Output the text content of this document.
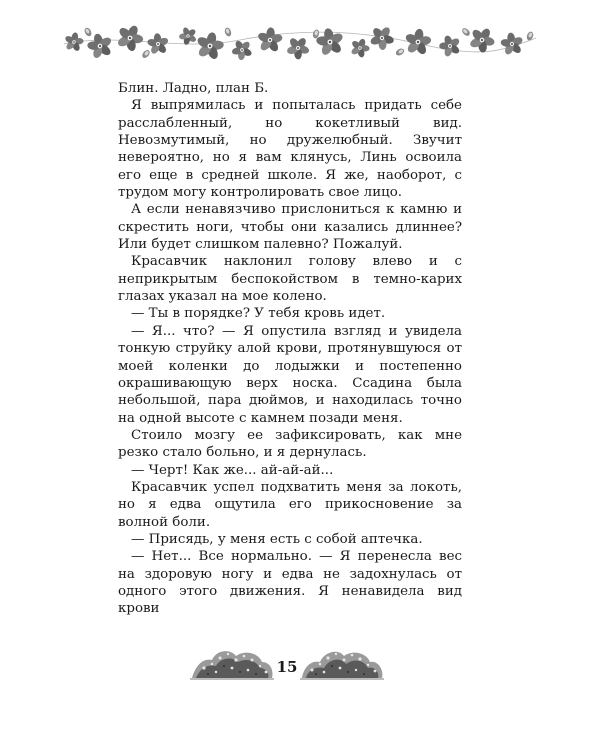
Блин. Ладно, план Б.

Я выпрямилась и попыталась придать себе расслабленный, но кокетливый вид. Невозмутимый, но дружелюбный. Звучит невероятно, но я вам клянусь, Линь освоила его еще в средней школе. Я же, наоборот, с трудом могу контролировать свое лицо.

А если ненавязчиво прислониться к камню и скрестить ноги, чтобы они казались длиннее? Или будет слишком палевно? Пожалуй.

Красавчик наклонил голову влево и с неприкрытым беспокойством в темно-карих глазах указал на мое колено.

— Ты в порядке? У тебя кровь идет.

— Я... что? — Я опустила взгляд и увидела тонкую струйку алой крови, протянувшуюся от моей коленки до лодыжки и постепенно окрашивающую верх носка. Ссадина была небольшой, пара дюймов, и находилась точно на одной высоте с камнем позади меня.

Стоило мозгу ее зафиксировать, как мне резко стало больно, и я дернулась.

— Черт! Как же... ай-ай-ай...

Красавчик успел подхватить меня за локоть, но я едва ощутила его прикосновение за волной боли.

— Присядь, у меня есть с собой аптечка.

— Нет... Все нормально. — Я перенесла вес на здоровую ногу и едва не задохнулась от одного этого движения. Я ненавидела вид крови

15
